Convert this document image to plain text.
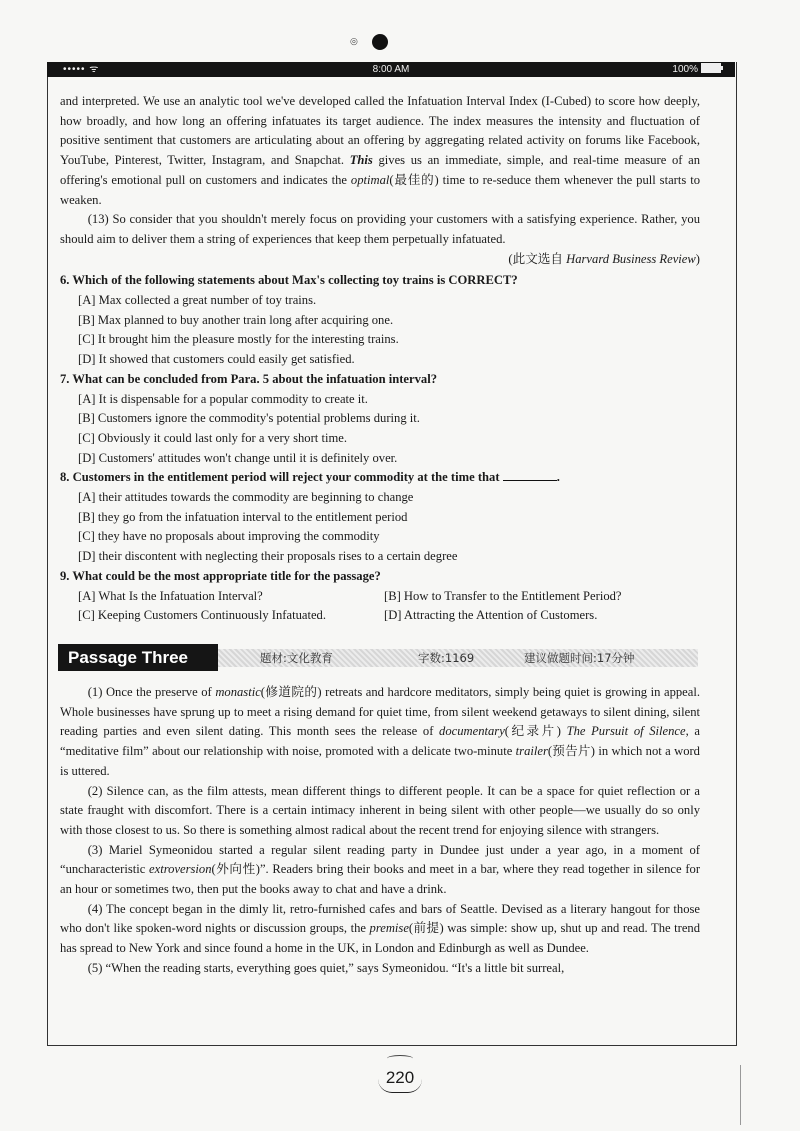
◎
••••• ᯤ	8:00 AM	100%

and interpreted. We use an analytic tool we've developed called the Infatuation Interval Index (I-Cubed) to score how deeply, how broadly, and how long an offering infatuates its target audience. The index measures the intensity and fluctuation of positive sentiment that customers are articulating about an offering by aggregating related activity on forums like Facebook, YouTube, Pinterest, Twitter, Instagram, and Snapchat. This gives us an immediate, simple, and real-time measure of an offering's emotional pull on customers and indicates the optimal(最佳的) time to re-seduce them whenever the pull starts to weaken.

(13) So consider that you shouldn't merely focus on providing your customers with a satisfying experience. Rather, you should aim to deliver them a string of experiences that keep them perpetually infatuated.

(此文选自 Harvard Business Review)

6. Which of the following statements about Max's collecting toy trains is CORRECT?

[A] Max collected a great number of toy trains.

[B] Max planned to buy another train long after acquiring one.

[C] It brought him the pleasure mostly for the interesting trains.

[D] It showed that customers could easily get satisfied.

7. What can be concluded from Para. 5 about the infatuation interval?

[A] It is dispensable for a popular commodity to create it.

[B] Customers ignore the commodity's potential problems during it.

[C] Obviously it could last only for a very short time.

[D] Customers' attitudes won't change until it is definitely over.

8. Customers in the entitlement period will reject your commodity at the time that	.

[A] their attitudes towards the commodity are beginning to change

[B] they go from the infatuation interval to the entitlement period

[C] they have no proposals about improving the commodity

[D] their discontent with neglecting their proposals rises to a certain degree

9. What could be the most appropriate title for the passage?

[A] What Is the Infatuation Interval?	[B] How to Transfer to the Entitlement Period?
[C] Keeping Customers Continuously Infatuated.	[D] Attracting the Attention of Customers.
Passage Three	题材:文化教育	字数:1169	建议做题时间:17分钟

(1) Once the preserve of monastic(修道院的) retreats and hardcore meditators, simply being quiet is growing in appeal. Whole businesses have sprung up to meet a rising demand for quiet time, from silent weekend getaways to silent dining, silent reading parties and even silent dating. This month sees the release of documentary(纪录片) The Pursuit of Silence, a “meditative film” about our relationship with noise, promoted with a delicate two-minute trailer(预告片) in which not a word is uttered.

(2) Silence can, as the film attests, mean different things to different people. It can be a space for quiet reflection or a state fraught with discomfort. There is a certain intimacy inherent in being silent with other people—we usually do so only with those closest to us. So there is something almost radical about the recent trend for enjoying silence with strangers.

(3) Mariel Symeonidou started a regular silent reading party in Dundee just under a year ago, in a moment of “uncharacteristic extroversion(外向性)”. Readers bring their books and meet in a bar, where they read together in silence for an hour or sometimes two, then put the books away to chat and have a drink.

(4) The concept began in the dimly lit, retro-furnished cafes and bars of Seattle. Devised as a literary hangout for those who don't like spoken-word nights or discussion groups, the premise(前提) was simple: show up, shut up and read. The trend has spread to New York and since found a home in the UK, in London and Edinburgh as well as Dundee.

(5) “When the reading starts, everything goes quiet,” says Symeonidou. “It's a little bit surreal,

220
